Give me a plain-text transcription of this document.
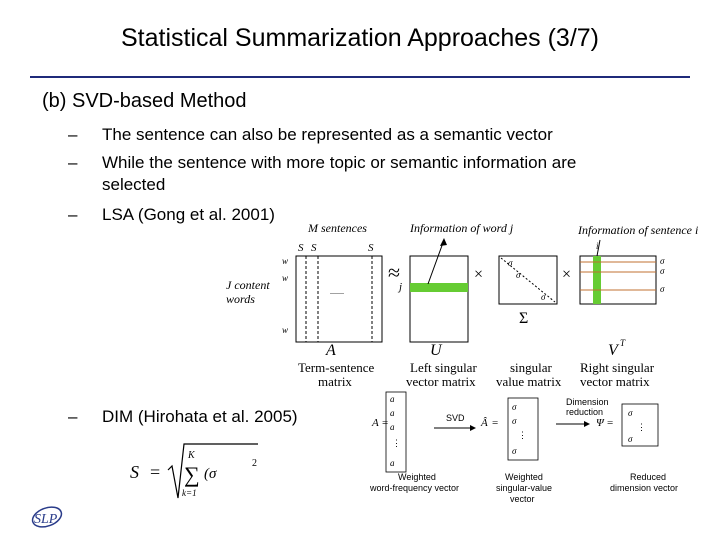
Statistical Summarization Approaches (3/7)
(b) SVD-based Method
– The sentence can also be represented as a semantic vector
– While the sentence with more topic or semantic information are
selected
– LSA (Gong et al. 2001)
– DIM (Hirohata et al. 2005)
M sentences	Information of word j	Information of sentence i
S S	S
w
w
w
J content
words
.......
≈
j
×
σ
σ
σ
Σ
×
i
σ
σ
σ
A	U	V T
Term-sentence
matrix
Left singular
vector matrix
singular
value matrix
Right singular
vector matrix
A =
a
a
a
⋮
a
SVD Â =
σ
σ
⋮
σ
Dimension
reduction
Ψ =
σ
⋮
σ
Weighted
word-frequency vector
Weighted
singular-value
vector
Reduced
dimension vector
S =
K
∑ (σ
k=1
2
SLP
